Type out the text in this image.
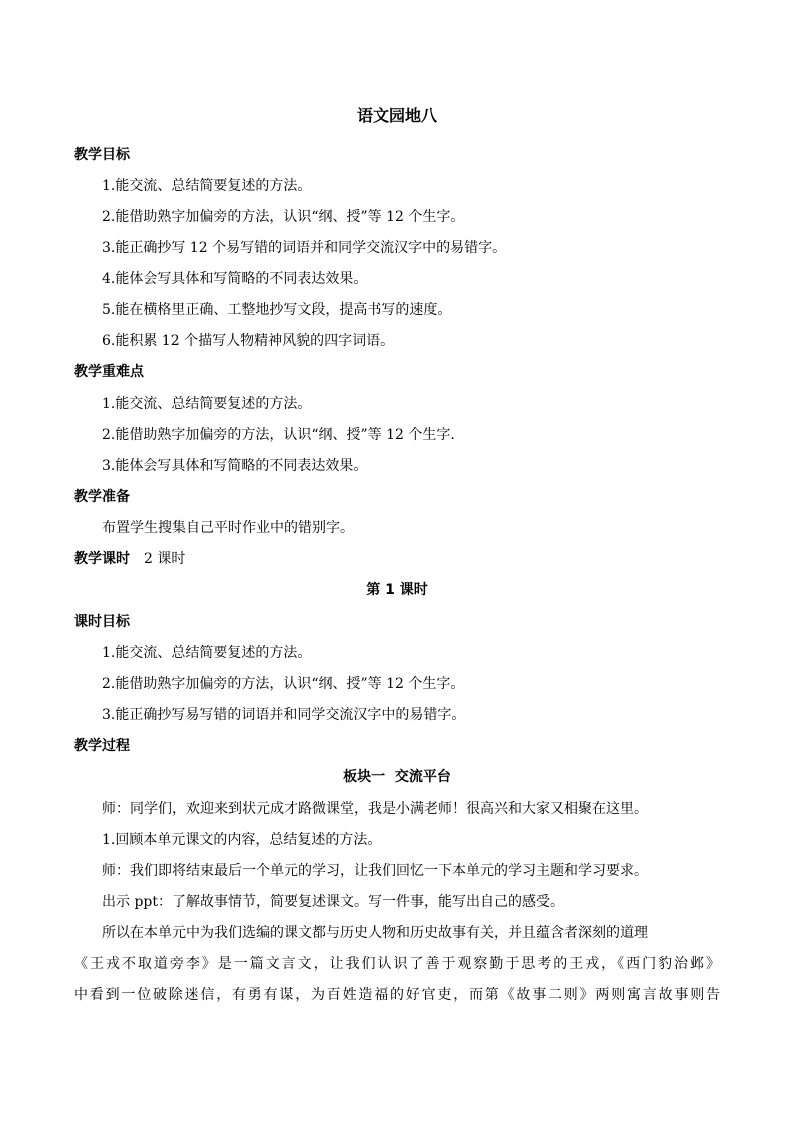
语文园地八
教学目标
1.能交流、总结简要复述的方法。
2.能借助熟字加偏旁的方法，认识“纲、授”等 12 个生字。
3.能正确抄写 12 个易写错的词语并和同学交流汉字中的易错字。
4.能体会写具体和写简略的不同表达效果。
5.能在横格里正确、工整地抄写文段，提高书写的速度。
6.能积累 12 个描写人物精神风貌的四字词语。
教学重难点
1.能交流、总结简要复述的方法。
2.能借助熟字加偏旁的方法，认识“纲、授”等 12 个生字.
3.能体会写具体和写简略的不同表达效果。
教学准备
布置学生搜集自己平时作业中的错别字。
教学课时 2 课时
第 1 课时
课时目标
1.能交流、总结简要复述的方法。
2.能借助熟字加偏旁的方法，认识“纲、授”等 12 个生字。
3.能正确抄写易写错的词语并和同学交流汉字中的易错字。
教学过程
板块一  交流平台
师：同学们，欢迎来到状元成才路微课堂，我是小满老师！很高兴和大家又相聚在这里。
1.回顾本单元课文的内容，总结复述的方法。
师：我们即将结束最后一个单元的学习，让我们回忆一下本单元的学习主题和学习要求。
出示 ppt：了解故事情节，简要复述课文。写一件事，能写出自己的感受。
所以在本单元中为我们选编的课文都与历史人物和历史故事有关，并且蕴含者深刻的道理
《王戎不取道旁李》是一篇文言文，让我们认识了善于观察勤于思考的王戎，《西门豹治邺》
中看到一位破除迷信，有勇有谋，为百姓造福的好官吏，而第《故事二则》两则寓言故事则告
